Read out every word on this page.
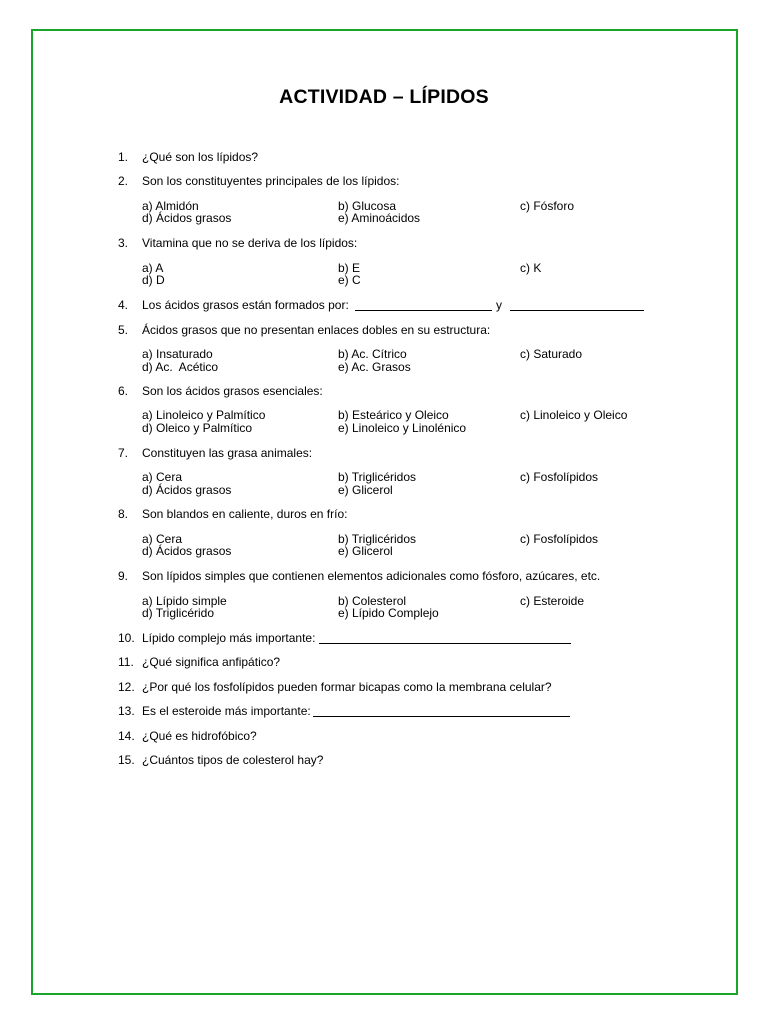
ACTIVIDAD – LÍPIDOS
1.	¿Qué son los lípidos?
2.	Son los constituyentes principales de los lípidos:
a) Almidón	b) Glucosa	c) Fósforo
d) Ácidos grasos	e) Aminoácidos
3.	Vitamina que no se deriva de los lípidos:
a) A	b) E	c) K
d) D	e) C
4.	Los ácidos grasos están formados por:	y
5.	Ácidos grasos que no presentan enlaces dobles en su estructura:
a) Insaturado	b) Ac. Cítrico	c) Saturado
d) Ac.  Acético	e) Ac. Grasos
6.	Son los ácidos grasos esenciales:
a) Linoleico y Palmítico	b) Esteárico y Oleico	c) Linoleico y Oleico
d) Oleico y Palmítico	e) Linoleico y Linolénico
7.	Constituyen las grasa animales:
a) Cera	b) Triglicéridos	c) Fosfolípidos
d) Ácidos grasos	e) Glicerol
8.	Son blandos en caliente, duros en frío:
a) Cera	b) Triglicéridos	c) Fosfolípidos
d) Ácidos grasos	e) Glicerol
9.	Son lípidos simples que contienen elementos adicionales como fósforo, azúcares, etc.
a) Lípido simple	b) Colesterol	c) Esteroide
d) Triglicérido	e) Lípido Complejo
10. Lípido complejo más importante:
11. ¿Qué significa anfipático?
12. ¿Por qué los fosfolípidos pueden formar bicapas como la membrana celular?
13. Es el esteroide más importante:
14. ¿Qué es hidrofóbico?
15. ¿Cuántos tipos de colesterol hay?
